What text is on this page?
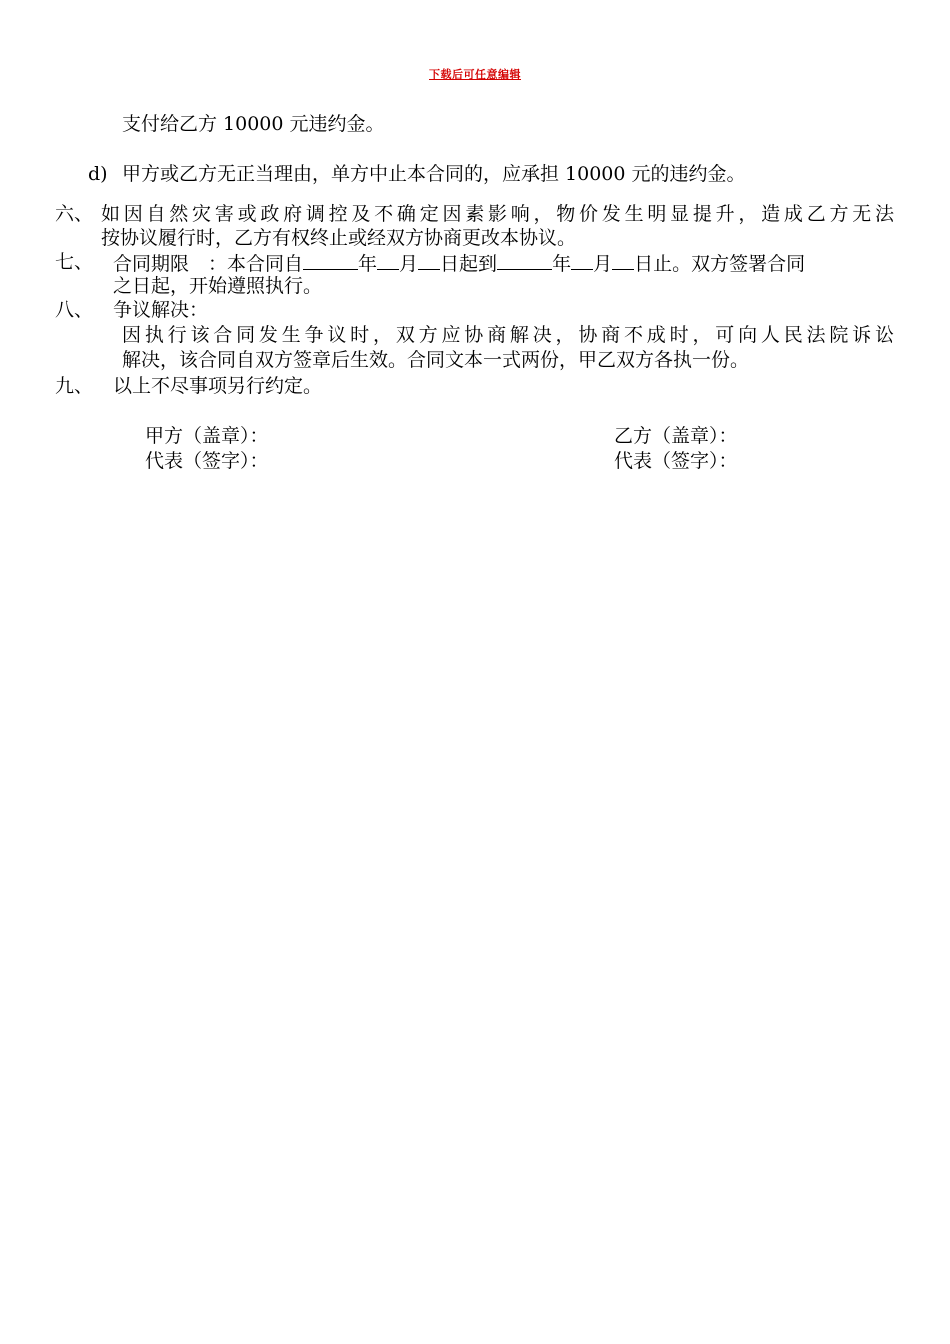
下载后可任意编辑
支付给乙方 10000 元违约金。
d) 甲方或乙方无正当理由，单方中止本合同的，应承担 10000 元的违约金。
六、 如因自然灾害或政府调控及不确定因素影响，物价发生明显提升，造成乙方无法
按协议履行时，乙方有权终止或经双方协商更改本协议。
七、 合同期限　：本合同自	年 月 日起到	年 月 日止。双方签署合同
之日起，开始遵照执行。
八、 争议解决：
因执行该合同发生争议时，双方应协商解决，协商不成时，可向人民法院诉讼
解决，该合同自双方签章后生效。合同文本一式两份，甲乙双方各执一份。
九、 以上不尽事项另行约定。
甲方（盖章）：
代表（签字）：
乙方（盖章）：
代表（签字）：
